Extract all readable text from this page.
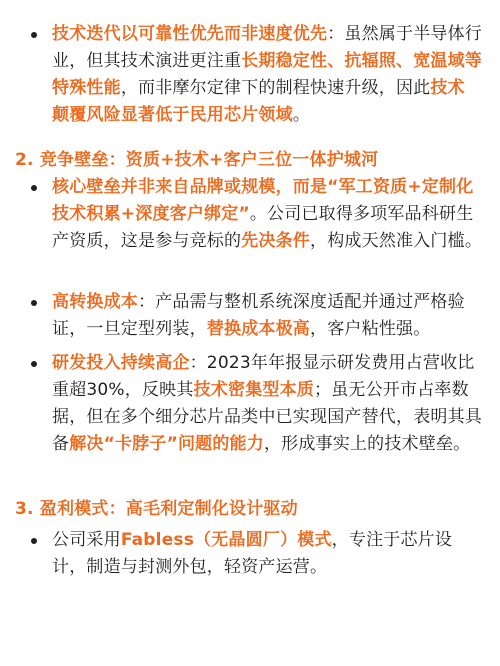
技术迭代以可靠性优先而非速度优先：虽然属于半导体行业，但其技术演进更注重长期稳定性、抗辐照、宽温域等特殊性能，而非摩尔定律下的制程快速升级，因此技术颠覆风险显著低于民用芯片领域。
2. 竞争壁垒：资质+技术+客户三位一体护城河
核心壁垒并非来自品牌或规模，而是“军工资质+定制化技术积累+深度客户绑定”。公司已取得多项军品科研生产资质，这是参与竞标的先决条件，构成天然准入门槛。
高转换成本：产品需与整机系统深度适配并通过严格验证，一旦定型列装，替换成本极高，客户粘性强。
研发投入持续高企：2023年年报显示研发费用占营收比重超30%，反映其技术密集型本质；虽无公开市占率数据，但在多个细分芯片品类中已实现国产替代，表明其具备解决“卡脖子”问题的能力，形成事实上的技术壁垒。
3. 盈利模式：高毛利定制化设计驱动
公司采用Fabless（无晶圆厂）模式，专注于芯片设计，制造与封测外包，轻资产运营。
